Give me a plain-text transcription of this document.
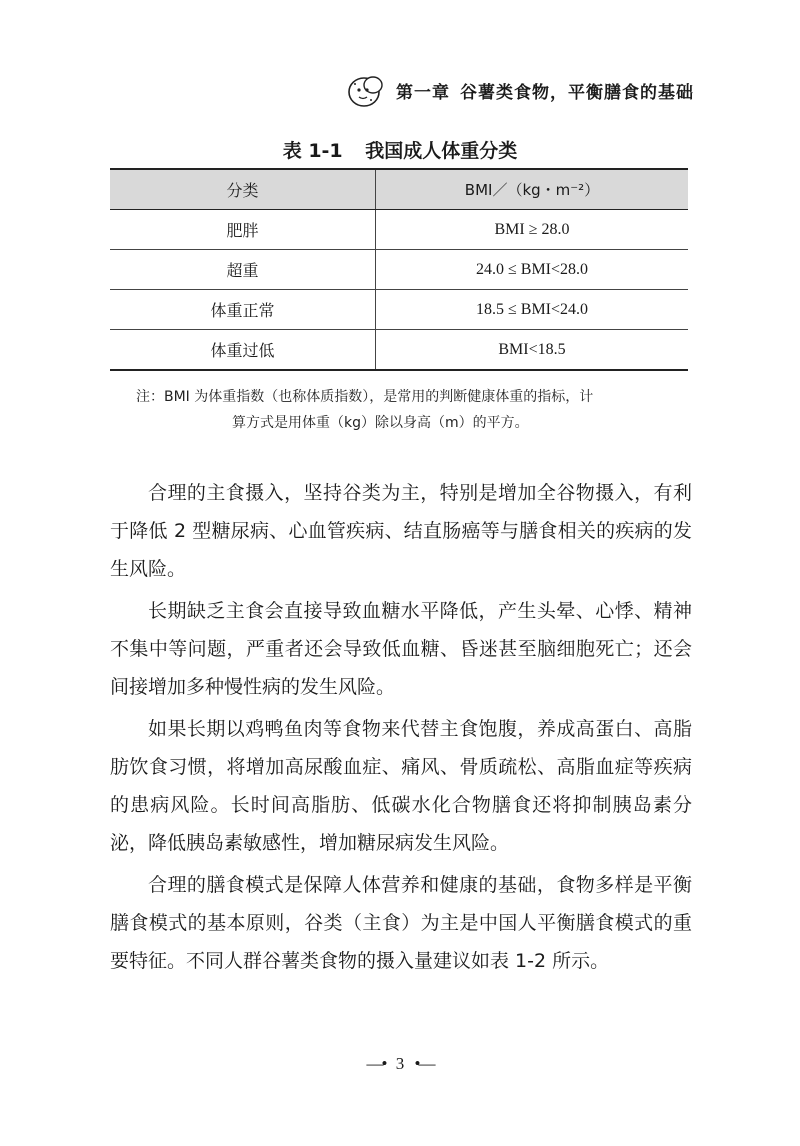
第一章 谷薯类食物，平衡膳食的基础
表 1-1 我国成人体重分类
分类	BMI／（kg・m⁻²）
肥胖	BMI ≥ 28.0
超重	24.0 ≤ BMI<28.0
体重正常	18.5 ≤ BMI<24.0
体重过低	BMI<18.5
注：BMI 为体重指数（也称体质指数），是常用的判断健康体重的指标，计
算方式是用体重（kg）除以身高（m）的平方。

合理的主食摄入，坚持谷类为主，特别是增加全谷物摄入，有利于降低 2 型糖尿病、心血管疾病、结直肠癌等与膳食相关的疾病的发生风险。

长期缺乏主食会直接导致血糖水平降低，产生头晕、心悸、精神不集中等问题，严重者还会导致低血糖、昏迷甚至脑细胞死亡；还会间接增加多种慢性病的发生风险。

如果长期以鸡鸭鱼肉等食物来代替主食饱腹，养成高蛋白、高脂肪饮食习惯，将增加高尿酸血症、痛风、骨质疏松、高脂血症等疾病的患病风险。长时间高脂肪、低碳水化合物膳食还将抑制胰岛素分泌，降低胰岛素敏感性，增加糖尿病发生风险。

合理的膳食模式是保障人体营养和健康的基础，食物多样是平衡膳食模式的基本原则，谷类（主食）为主是中国人平衡膳食模式的重要特征。不同人群谷薯类食物的摄入量建议如表 1-2 所示。

—• 3 •—
